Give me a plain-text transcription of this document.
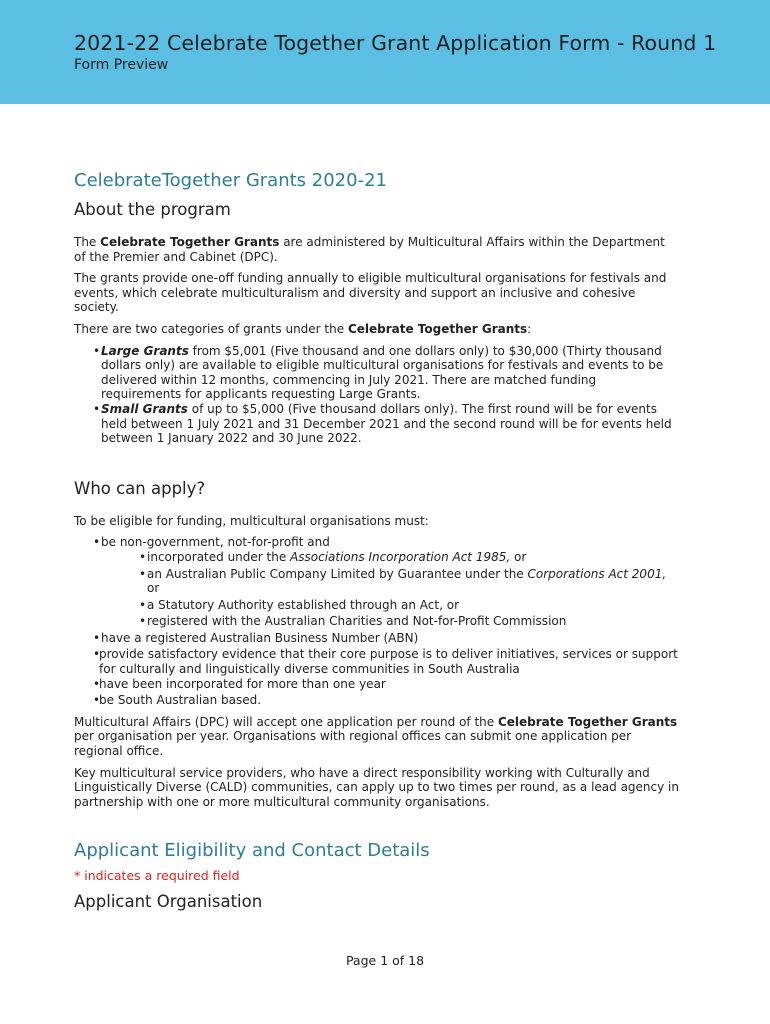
2021-22 Celebrate Together Grant Application Form - Round 1
Form Preview
CelebrateTogether Grants 2020-21
About the program

The Celebrate Together Grants are administered by Multicultural Affairs within the Department of the Premier and Cabinet (DPC).

The grants provide one-off funding annually to eligible multicultural organisations for festivals and events, which celebrate multiculturalism and diversity and support an inclusive and cohesive society.

There are two categories of grants under the Celebrate Together Grants:

• Large Grants from $5,001 (Five thousand and one dollars only) to $30,000 (Thirty thousand dollars only) are available to eligible multicultural organisations for festivals and events to be delivered within 12 months, commencing in July 2021. There are matched funding requirements for applicants requesting Large Grants.
• Small Grants of up to $5,000 (Five thousand dollars only). The first round will be for events held between 1 July 2021 and 31 December 2021 and the second round will be for events held between 1 January 2022 and 30 June 2022.
Who can apply?

To be eligible for funding, multicultural organisations must:

• be non-government, not-for-profit and
• incorporated under the Associations Incorporation Act 1985, or
• an Australian Public Company Limited by Guarantee under the Corporations Act 2001, or
• a Statutory Authority established through an Act, or
• registered with the Australian Charities and Not-for-Profit Commission
• have a registered Australian Business Number (ABN)
• provide satisfactory evidence that their core purpose is to deliver initiatives, services or support for culturally and linguistically diverse communities in South Australia
• have been incorporated for more than one year
• be South Australian based.

Multicultural Affairs (DPC) will accept one application per round of the Celebrate Together Grants per organisation per year. Organisations with regional offices can submit one application per regional office.

Key multicultural service providers, who have a direct responsibility working with Culturally and Linguistically Diverse (CALD) communities, can apply up to two times per round, as a lead agency in partnership with one or more multicultural community organisations.

Applicant Eligibility and Contact Details

* indicates a required field

Applicant Organisation
Page 1 of 18
